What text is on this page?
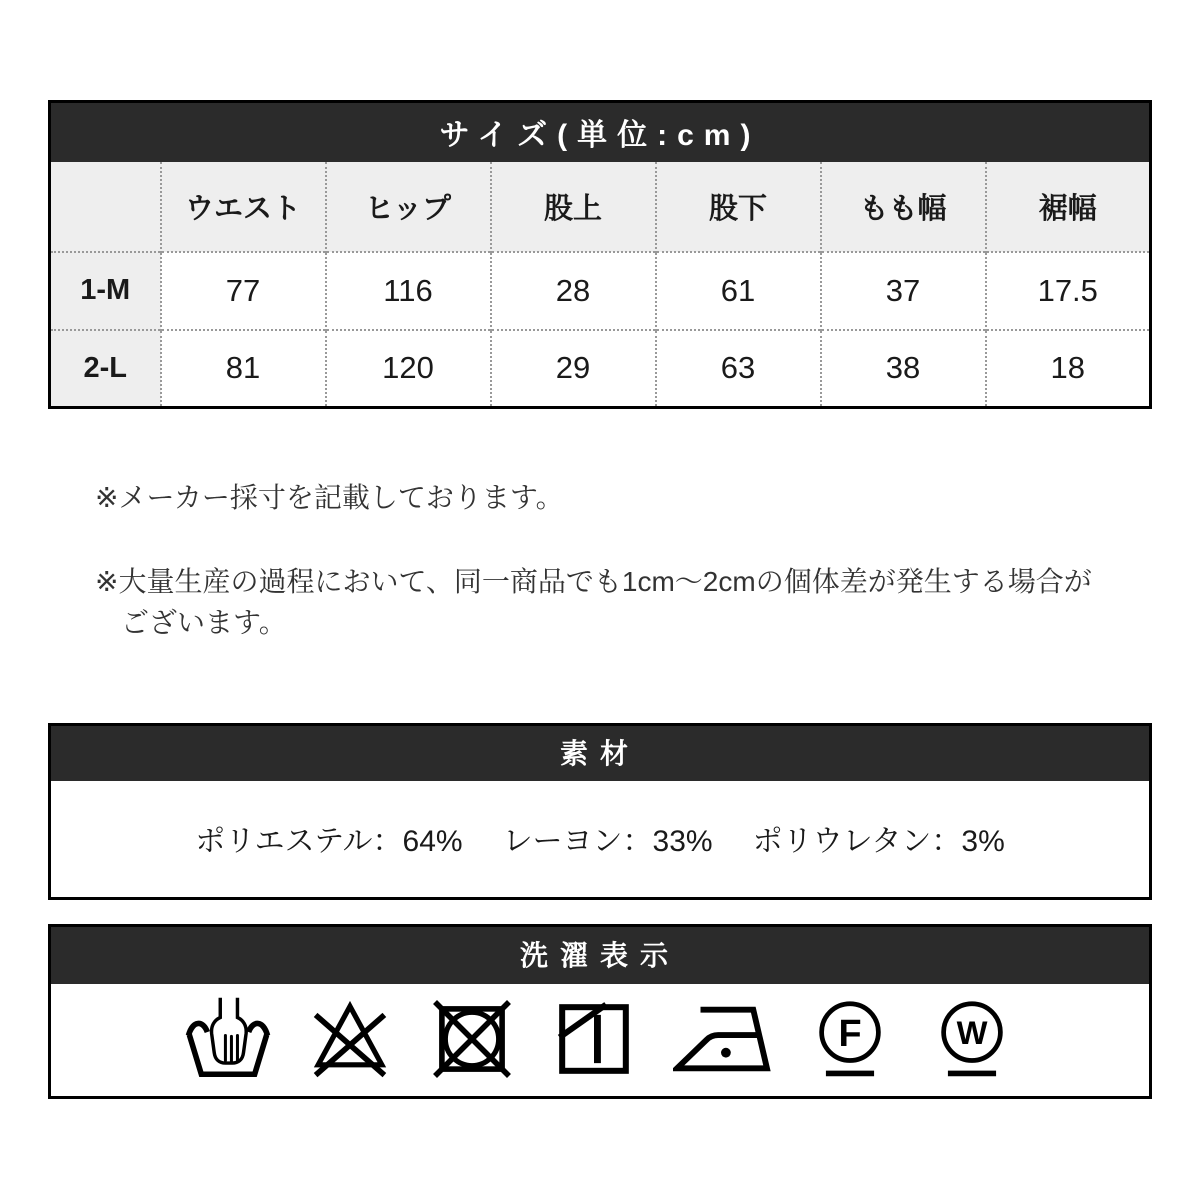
サイズ(単位:cm)						
	ウエスト	ヒップ	股上	股下	もも幅	裾幅
1-M	77	116	28	61	37	17.5
2-L	81	120	29	63	38	18

※メーカー採寸を記載しております。

※大量生産の過程において、同一商品でも1cm～2cmの個体差が発生する場合が
ございます。

素材
ポリエステル：64% レーヨン：33% ポリウレタン：3%
洗濯表示
F	W
